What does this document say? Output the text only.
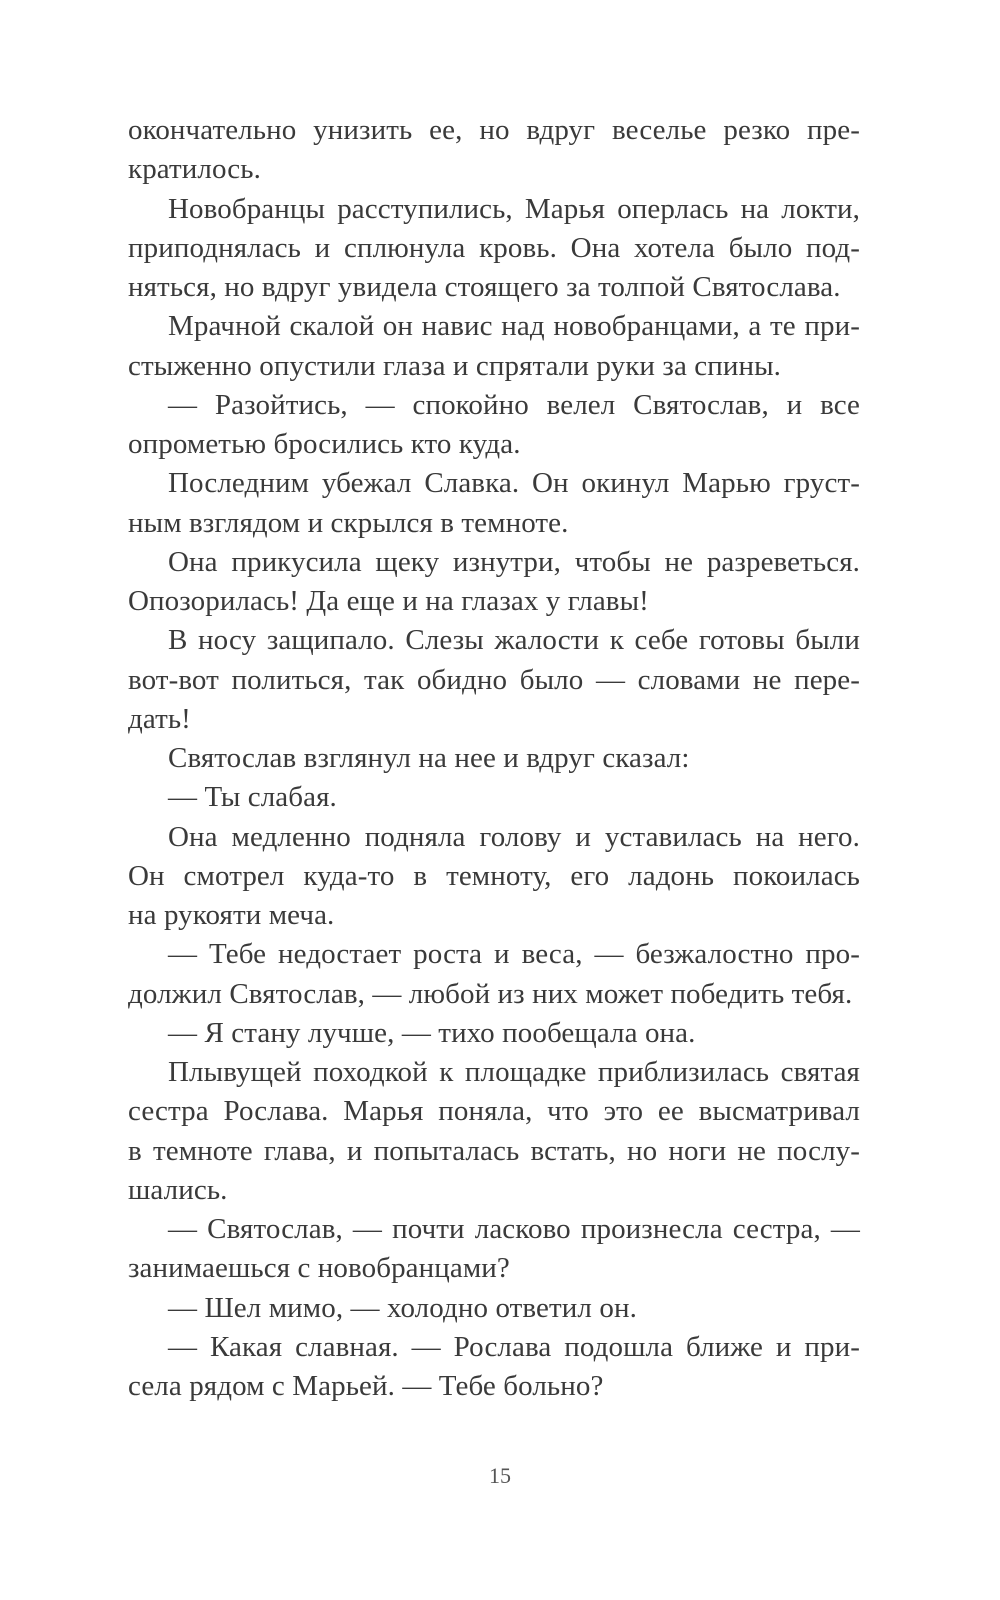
окончательно унизить ее, но вдруг веселье резко пре-
кратилось.
Новобранцы расступились, Марья оперлась на локти,
приподнялась и сплюнула кровь. Она хотела было под-
няться, но вдруг увидела стоящего за толпой Святослава.
Мрачной скалой он навис над новобранцами, а те при-
стыженно опустили глаза и спрятали руки за спины.
— Разойтись, — спокойно велел Святослав, и все
опрометью бросились кто куда.
Последним убежал Славка. Он окинул Марью груст-
ным взглядом и скрылся в темноте.
Она прикусила щеку изнутри, чтобы не разреветься.
Опозорилась! Да еще и на глазах у главы!
В носу защипало. Слезы жалости к себе готовы были
вот-вот политься, так обидно было — словами не пере-
дать!
Святослав взглянул на нее и вдруг сказал:
— Ты слабая.
Она медленно подняла голову и уставилась на него.
Он смотрел куда-то в темноту, его ладонь покоилась
на рукояти меча.
— Тебе недостает роста и веса, — безжалостно про-
должил Святослав, — любой из них может победить тебя.
— Я стану лучше, — тихо пообещала она.
Плывущей походкой к площадке приблизилась святая
сестра Рослава. Марья поняла, что это ее высматривал
в темноте глава, и попыталась встать, но ноги не послу-
шались.
— Святослав, — почти ласково произнесла сестра, —
занимаешься с новобранцами?
— Шел мимо, — холодно ответил он.
— Какая славная. — Рослава подошла ближе и при-
села рядом с Марьей. — Тебе больно?
15
